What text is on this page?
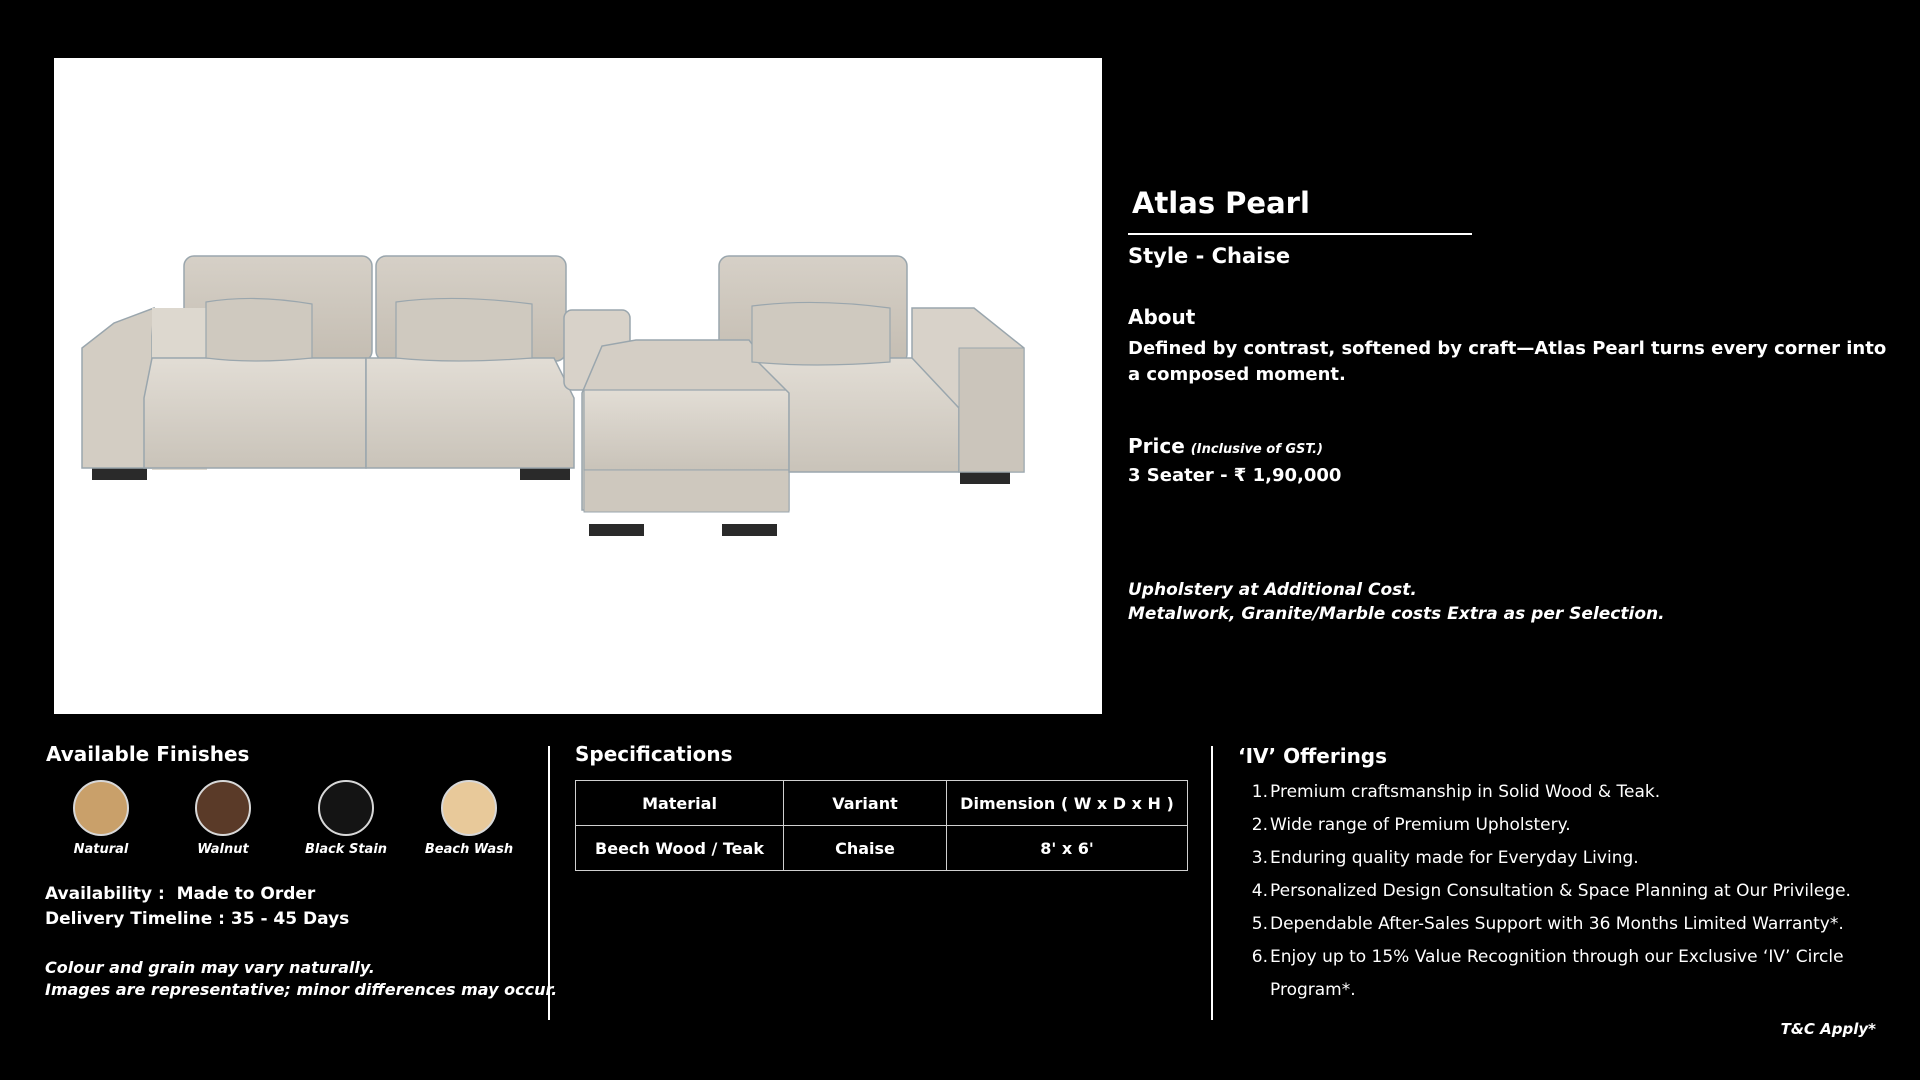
Atlas Pearl
Style - Chaise
About
Defined by contrast, softened by craft—Atlas Pearl turns every corner into a composed moment.
Price (Inclusive of GST.)
3 Seater - ₹ 1,90,000
Upholstery at Additional Cost.
Metalwork, Granite/Marble costs Extra as per Selection.
Available Finishes
Natural	Walnut	Black Stain	Beach Wash
Availability :  Made to Order
Delivery Timeline : 35 - 45 Days
Colour and grain may vary naturally.
Images are representative; minor differences may occur.
Specifications
Material	Variant	Dimension ( W x D x H )
Beech Wood / Teak	Chaise	8' x 6'
‘IV’ Offerings
1. Premium craftsmanship in Solid Wood & Teak.
2. Wide range of Premium Upholstery.
3. Enduring quality made for Everyday Living.
4. Personalized Design Consultation & Space Planning at Our Privilege.
5. Dependable After-Sales Support with 36 Months Limited Warranty*.
6. Enjoy up to 15% Value Recognition through our Exclusive ‘IV’ Circle Program*.
T&C Apply*
